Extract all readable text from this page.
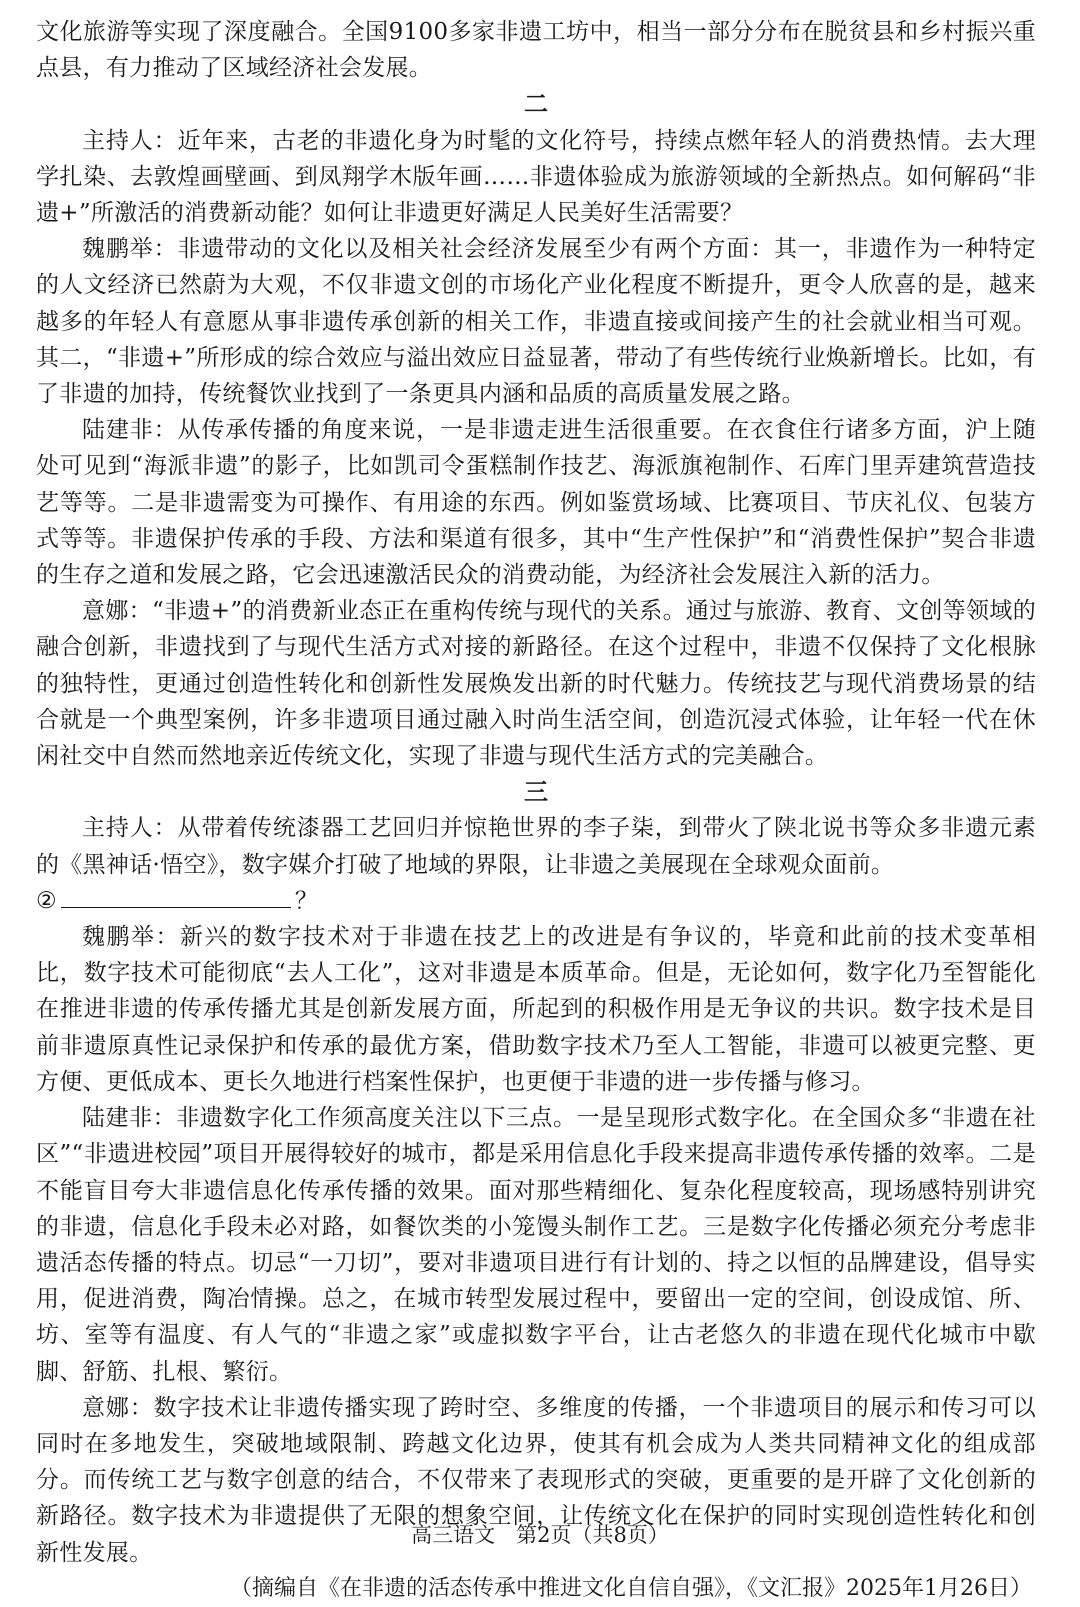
文化旅游等实现了深度融合。全国9100多家非遗工坊中，相当一部分分布在脱贫县和乡村振兴重点县，有力推动了区域经济社会发展。

二

主持人：近年来，古老的非遗化身为时髦的文化符号，持续点燃年轻人的消费热情。去大理学扎染、去敦煌画壁画、到凤翔学木版年画……非遗体验成为旅游领域的全新热点。如何解码“非遗+”所激活的消费新动能？如何让非遗更好满足人民美好生活需要？

魏鹏举：非遗带动的文化以及相关社会经济发展至少有两个方面：其一，非遗作为一种特定的人文经济已然蔚为大观，不仅非遗文创的市场化产业化程度不断提升，更令人欣喜的是，越来越多的年轻人有意愿从事非遗传承创新的相关工作，非遗直接或间接产生的社会就业相当可观。其二，“非遗+”所形成的综合效应与溢出效应日益显著，带动了有些传统行业焕新增长。比如，有了非遗的加持，传统餐饮业找到了一条更具内涵和品质的高质量发展之路。

陆建非：从传承传播的角度来说，一是非遗走进生活很重要。在衣食住行诸多方面，沪上随处可见到“海派非遗”的影子，比如凯司令蛋糕制作技艺、海派旗袍制作、石库门里弄建筑营造技艺等等。二是非遗需变为可操作、有用途的东西。例如鉴赏场域、比赛项目、节庆礼仪、包装方式等等。非遗保护传承的手段、方法和渠道有很多，其中“生产性保护”和“消费性保护”契合非遗的生存之道和发展之路，它会迅速激活民众的消费动能，为经济社会发展注入新的活力。

意娜：“非遗+”的消费新业态正在重构传统与现代的关系。通过与旅游、教育、文创等领域的融合创新，非遗找到了与现代生活方式对接的新路径。在这个过程中，非遗不仅保持了文化根脉的独特性，更通过创造性转化和创新性发展焕发出新的时代魅力。传统技艺与现代消费场景的结合就是一个典型案例，许多非遗项目通过融入时尚生活空间，创造沉浸式体验，让年轻一代在休闲社交中自然而然地亲近传统文化，实现了非遗与现代生活方式的完美融合。

三

主持人：从带着传统漆器工艺回归并惊艳世界的李子柒，到带火了陕北说书等众多非遗元素的《黑神话·悟空》，数字媒介打破了地域的界限，让非遗之美展现在全球观众面前。
②	？

魏鹏举：新兴的数字技术对于非遗在技艺上的改进是有争议的，毕竟和此前的技术变革相比，数字技术可能彻底“去人工化”，这对非遗是本质革命。但是，无论如何，数字化乃至智能化在推进非遗的传承传播尤其是创新发展方面，所起到的积极作用是无争议的共识。数字技术是目前非遗原真性记录保护和传承的最优方案，借助数字技术乃至人工智能，非遗可以被更完整、更方便、更低成本、更长久地进行档案性保护，也更便于非遗的进一步传播与修习。

陆建非：非遗数字化工作须高度关注以下三点。一是呈现形式数字化。在全国众多“非遗在社区”“非遗进校园”项目开展得较好的城市，都是采用信息化手段来提高非遗传承传播的效率。二是不能盲目夸大非遗信息化传承传播的效果。面对那些精细化、复杂化程度较高，现场感特别讲究的非遗，信息化手段未必对路，如餐饮类的小笼馒头制作工艺。三是数字化传播必须充分考虑非遗活态传播的特点。切忌“一刀切”，要对非遗项目进行有计划的、持之以恒的品牌建设，倡导实用，促进消费，陶冶情操。总之，在城市转型发展过程中，要留出一定的空间，创设成馆、所、坊、室等有温度、有人气的“非遗之家”或虚拟数字平台，让古老悠久的非遗在现代化城市中歇脚、舒筋、扎根、繁衍。

意娜：数字技术让非遗传播实现了跨时空、多维度的传播，一个非遗项目的展示和传习可以同时在多地发生，突破地域限制、跨越文化边界，使其有机会成为人类共同精神文化的组成部分。而传统工艺与数字创意的结合，不仅带来了表现形式的突破，更重要的是开辟了文化创新的新路径。数字技术为非遗提供了无限的想象空间，让传统文化在保护的同时实现创造性转化和创新性发展。

（摘编自《在非遗的活态传承中推进文化自信自强》，《文汇报》2025年1月26日）

高三语文　第2页（共8页）
